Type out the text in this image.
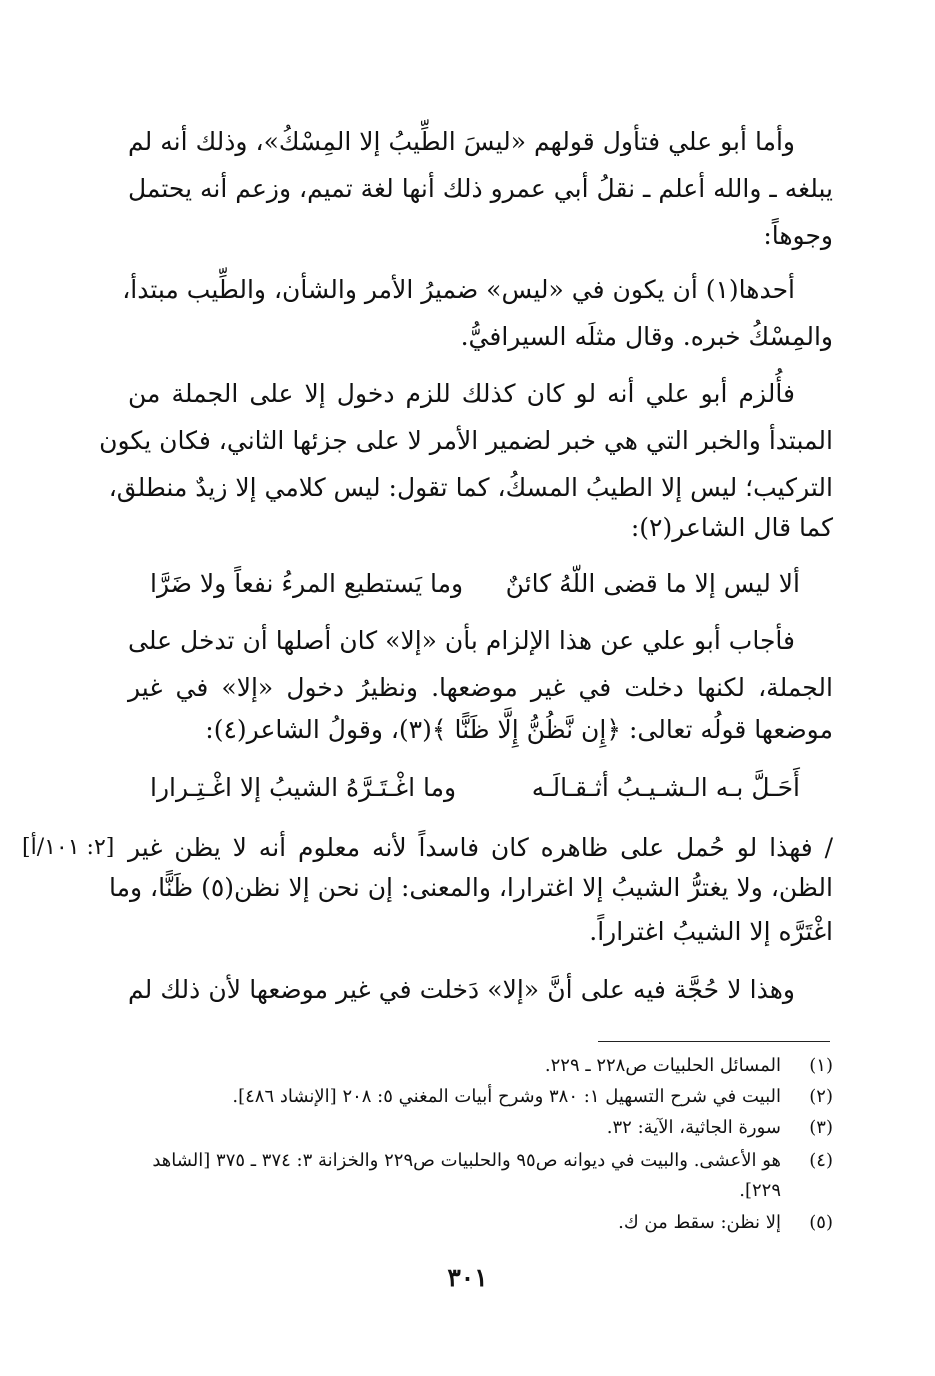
وأما أبو علي فتأول قولهم «ليسَ الطِّيبُ إلا المِسْكُ»، وذلك أنه لم
يبلغه ـ والله أعلم ـ نقلُ أبي عمرو ذلك أنها لغة تميم، وزعم أنه يحتمل
وجوهاً:
أحدها(١) أن يكون في «ليس» ضميرُ الأمر والشأن، والطِّيب مبتدأ،
والمِسْكُ خبره. وقال مثلَه السيرافيُّ.
فأُلزم أبو علي أنه لو كان كذلك للزم دخول إلا على الجملة من
المبتدأ والخبر التي هي خبر لضمير الأمر لا على جزئها الثاني، فكان يكون
التركيب؛ ليس إلا الطيبُ المسكُ، كما تقول: ليس كلامي إلا زيدٌ منطلق،
كما قال الشاعر(٢):
ألا ليس إلا ما قضى اللّهُ كائنٌ
وما يَستطيع المرءُ نفعاً ولا ضَرَّا
فأجاب أبو علي عن هذا الإلزام بأن «إلا» كان أصلها أن تدخل على
الجملة، لكنها دخلت في غير موضعها. ونظيرُ دخول «إلا» في غير
موضعها قولُه تعالى: ﴿إِن نَّظُنُّ إِلَّا ظَنًّا ﴾(٣)، وقولُ الشاعر(٤):
أَحَـلَّ بـه الـشـيـبُ أثـقـالَـه
وما اغْـتَـرَّهُ الشيبُ إلا اغْـتِـرارا
[٢: ١٠١/أ] / فهذا لو حُمل على ظاهره كان فاسداً لأنه معلوم أنه لا يظن غير
الظن، ولا يغترُّ الشيبُ إلا اغترارا، والمعنى: إن نحن إلا نظن(٥) ظَنًّا، وما
اغْتَرَّه إلا الشيبُ اغتراراً.
وهذا لا حُجَّة فيه على أنَّ «إلا» دَخلت في غير موضعها لأن ذلك لم
(١)
المسائل الحلبيات ص٢٢٨ ـ ٢٢٩.
(٢)
البيت في شرح التسهيل ١: ٣٨٠ وشرح أبيات المغني ٥: ٢٠٨ [الإنشاد ٤٨٦].
(٣)
سورة الجاثية، الآية: ٣٢.
(٤)
هو الأعشى. والبيت في ديوانه ص٩٥ والحلبيات ص٢٢٩ والخزانة ٣: ٣٧٤ ـ ٣٧٥ [الشاهد ٢٢٩].
(٥)
إلا نظن: سقط من ك.
٣٠١
